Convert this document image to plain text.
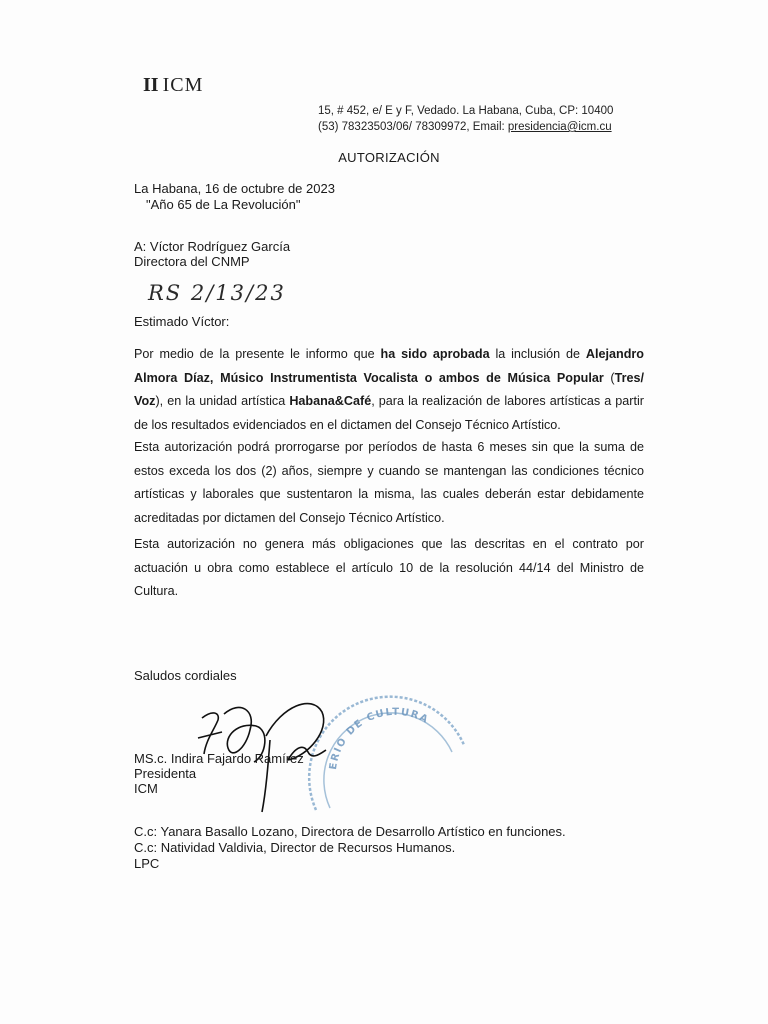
II ICM
15, # 452, e/ E y F, Vedado. La Habana, Cuba, CP: 10400
(53) 78323503/06/ 78309972, Email: presidencia@icm.cu
AUTORIZACIÓN
La Habana, 16 de octubre de 2023
"Año 65 de La Revolución"
A: Víctor Rodríguez García
Directora del CNMP
RS 2/13/23
Estimado Víctor:
Por medio de la presente le informo que ha sido aprobada la inclusión de Alejandro Almora Díaz, Músico Instrumentista Vocalista o ambos de Música Popular (Tres/ Voz), en la unidad artística Habana&Café, para la realización de labores artísticas a partir de los resultados evidenciados en el dictamen del Consejo Técnico Artístico.
Esta autorización podrá prorrogarse por períodos de hasta 6 meses sin que la suma de estos exceda los dos (2) años, siempre y cuando se mantengan las condiciones técnico artísticas y laborales que sustentaron la misma, las cuales deberán estar debidamente acreditadas por dictamen del Consejo Técnico Artístico.
Esta autorización no genera más obligaciones que las descritas en el contrato por actuación u obra como establece el artículo 10 de la resolución 44/14 del Ministro de Cultura.
Saludos cordiales
ERIO DE CULTURA
MS.c. Indira Fajardo Ramírez
Presidenta
ICM
C.c: Yanara Basallo Lozano, Directora de Desarrollo Artístico en funciones.
C.c: Natividad Valdivia, Director de Recursos Humanos.
LPC
